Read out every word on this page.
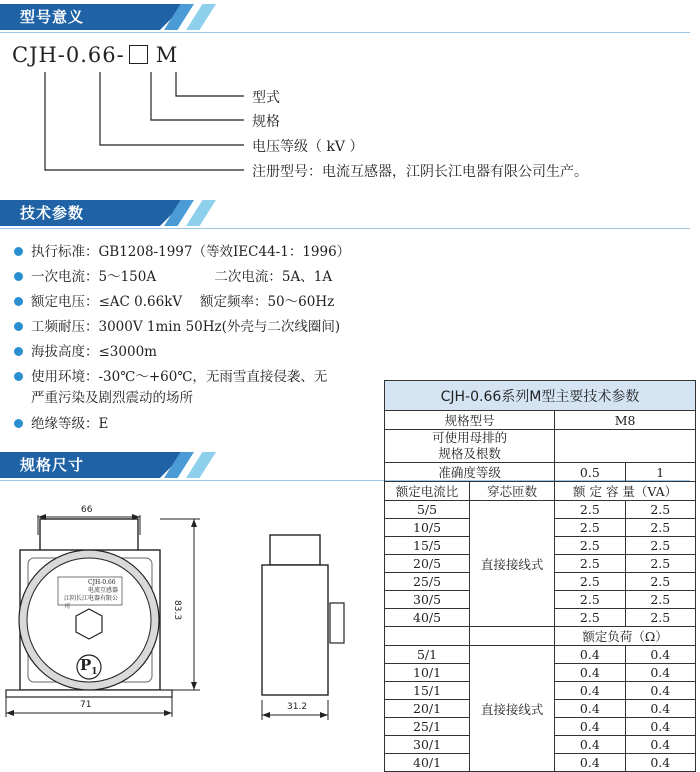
型号意义
CJH-0.66- M
型式
规格
电压等级（ kV ）
注册型号：电流互感器，江阴长江电器有限公司生产。
技术参数
执行标准：GB1208-1997（等效IEC44-1：1996）
一次电流：5～150A 　　　　二次电流：5A、1A
额定电压：≤AC 0.66kV　 额定频率：50～60Hz
工频耐压：3000V 1min 50Hz(外壳与二次线圈间)
海拔高度：≤3000m
使用环境：-30℃～+60℃，无雨雪直接侵袭、无
严重污染及剧烈震动的场所
绝缘等级：E
规格尺寸
66
71
83.3
31.2
CJH-0.66
电流互感器
江阴长江电器有限公司
$P_1$
CJH-0.66系列M型主要技术参数			
规格型号		M8	
可使用母排的
规格及根数			
准确度等级		0.5	1
额定电流比	穿芯匝数	额 定 容 量（VA）	
5/5	直接接线式	2.5	2.5
10/5		2.5	2.5
15/5		2.5	2.5
20/5		2.5	2.5
25/5		2.5	2.5
30/5		2.5	2.5
40/5		2.5	2.5
		额定负荷（Ω）	
5/1	直接接线式	0.4	0.4
10/1		0.4	0.4
15/1		0.4	0.4
20/1		0.4	0.4
25/1		0.4	0.4
30/1		0.4	0.4
40/1		0.4	0.4
